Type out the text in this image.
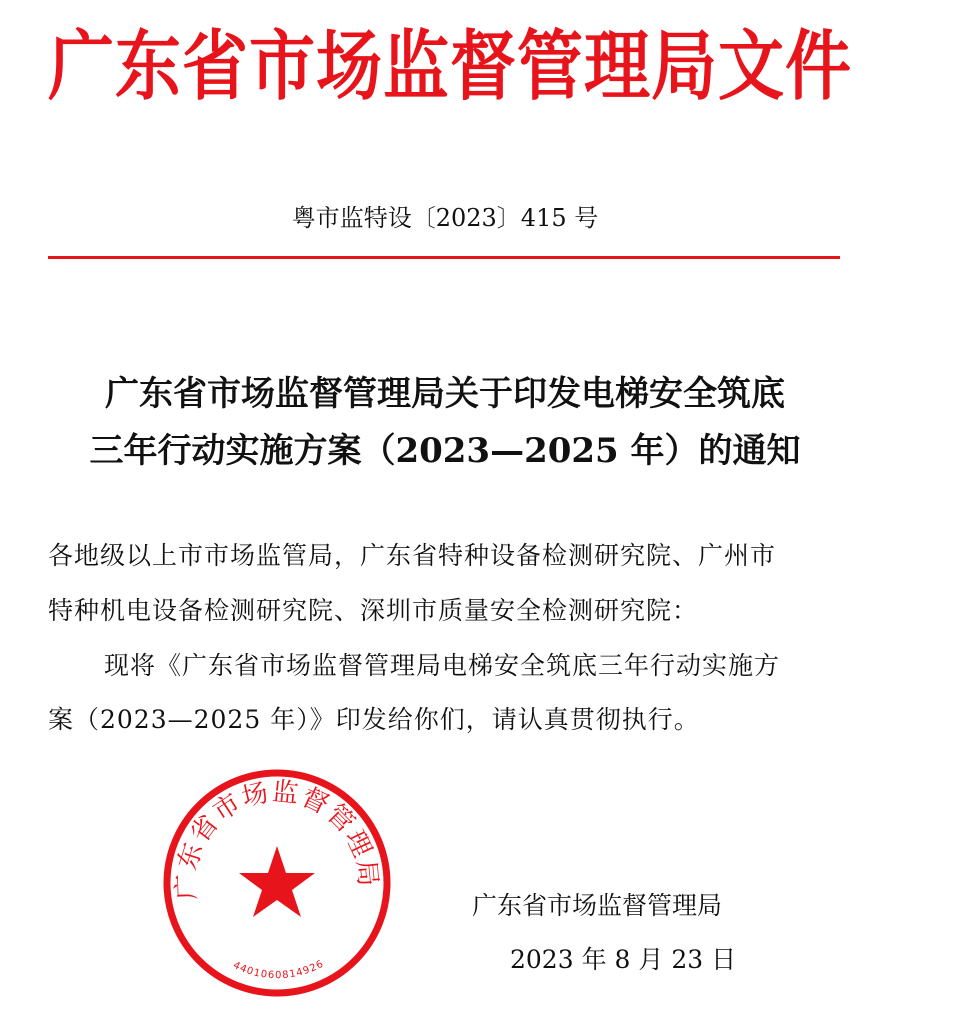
广东省市场监督管理局文件
粤市监特设〔2023〕415 号
广东省市场监督管理局关于印发电梯安全筑底
三年行动实施方案（2023—2025 年）的通知
各地级以上市市场监管局，广东省特种设备检测研究院、广州市
特种机电设备检测研究院、深圳市质量安全检测研究院：
现将《广东省市场监督管理局电梯安全筑底三年行动实施方
案（2023—2025 年）》印发给你们，请认真贯彻执行。
广东省市场监督管理局
2023 年 8 月 23 日
广东省市场监督管理局
4401060814926
